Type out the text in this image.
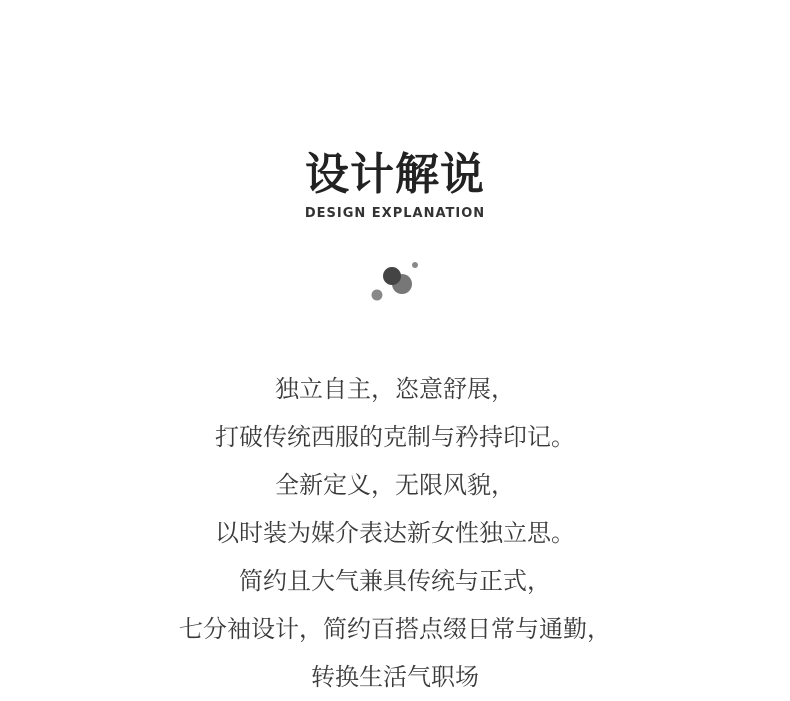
设计解说
DESIGN EXPLANATION
独立自主，恣意舒展，
打破传统西服的克制与矜持印记。
全新定义，无限风貌，
以时装为媒介表达新女性独立思。
简约且大气兼具传统与正式，
七分袖设计，简约百搭点缀日常与通勤，
转换生活气职场
